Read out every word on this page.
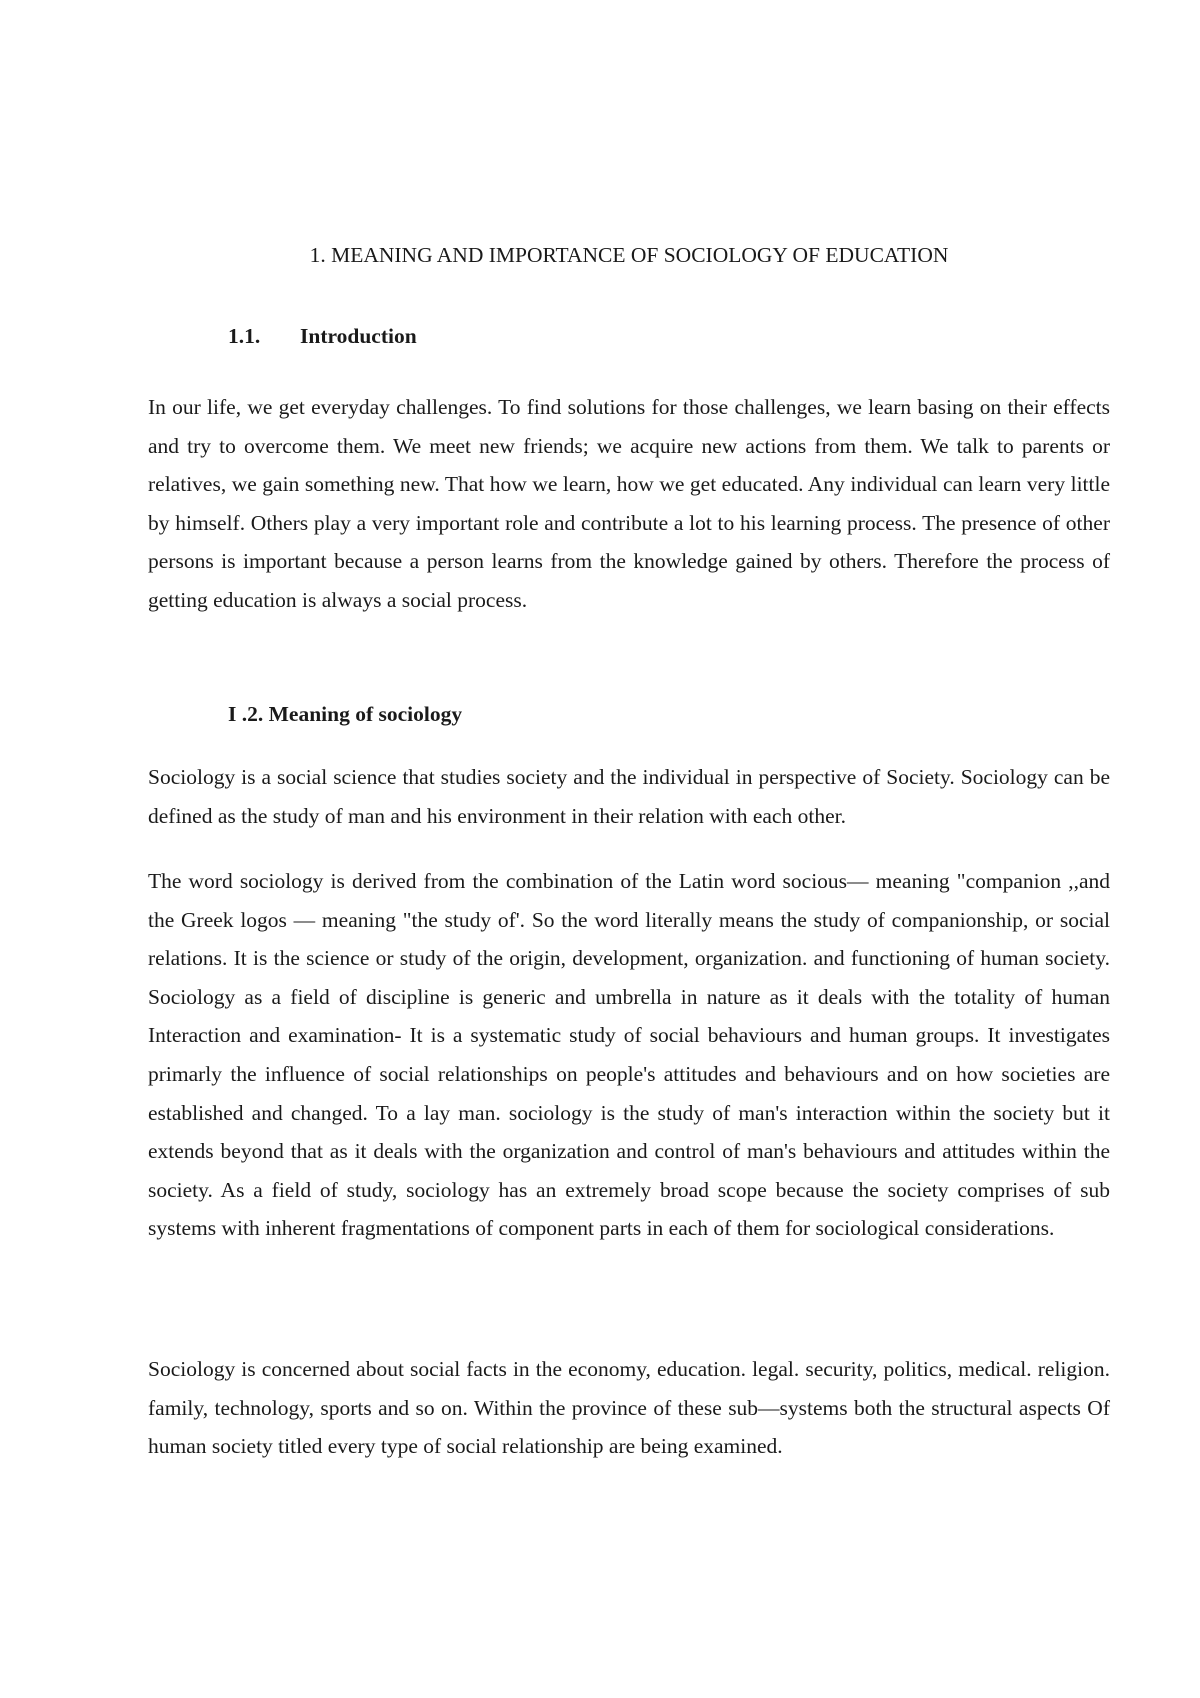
1. MEANING AND IMPORTANCE OF SOCIOLOGY OF EDUCATION
1.1. Introduction

In our life, we get everyday challenges. To find solutions for those challenges, we learn basing on their effects and try to overcome them. We meet new friends; we acquire new actions from them. We talk to parents or relatives, we gain something new. That how we learn, how we get educated. Any individual can learn very little by himself. Others play a very important role and contribute a lot to his learning process. The presence of other persons is important because a person learns from the knowledge gained by others. Therefore the process of getting education is always a social process.

I .2. Meaning of sociology

Sociology is a social science that studies society and the individual in perspective of Society. Sociology can be defined as the study of man and his environment in their relation with each other.

The word sociology is derived from the combination of the Latin word socious— meaning "companion ,,and the Greek logos — meaning "the study of'. So the word literally means the study of companionship, or social relations. It is the science or study of the origin, development, organization. and functioning of human society. Sociology as a field of discipline is generic and umbrella in nature as it deals with the totality of human Interaction and examination- It is a systematic study of social behaviours and human groups. It investigates primarly the influence of social relationships on people's attitudes and behaviours and on how societies are established and changed. To a lay man. sociology is the study of man's interaction within the society but it extends beyond that as it deals with the organization and control of man's behaviours and attitudes within the society. As a field of study, sociology has an extremely broad scope because the society comprises of sub systems with inherent fragmentations of component parts in each of them for sociological considerations.

Sociology is concerned about social facts in the economy, education. legal. security, politics, medical. religion. family, technology, sports and so on. Within the province of these sub—systems both the structural aspects Of human society titled every type of social relationship are being examined.
